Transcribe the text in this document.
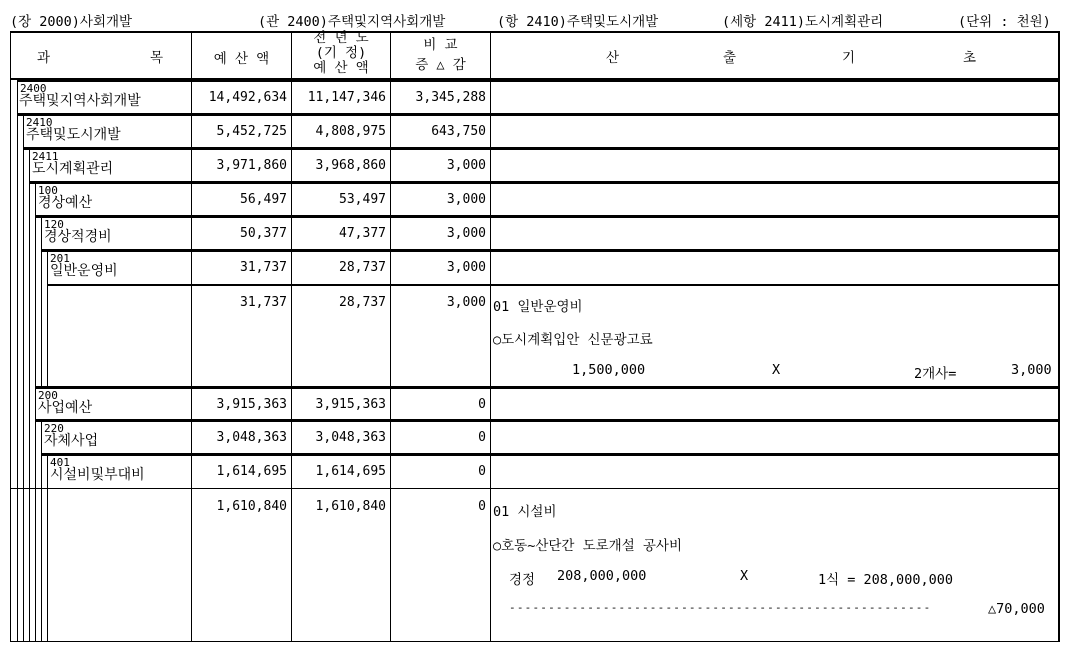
(장 2000)사회개발	(관 2400)주택및지역사회개발	(항 2410)주택및도시개발	(세항 2411)도시계획관리	(단위 : 천원)
과	목	예 산 액
전 년 도
(기 정)
예 산 액
비 교
증 △ 감	산	출	기	초
2400
주택및지역사회개발	14,492,634	11,147,346	3,345,288
2410
주택및도시개발	5,452,725	4,808,975	643,750
2411
도시계획관리	3,971,860	3,968,860	3,000
100
경상예산	56,497	53,497	3,000
120
경상적경비	50,377	47,377	3,000
201
일반운영비	31,737	28,737	3,000
31,737	28,737	3,000 01 일반운영비
○도시계획입안 신문광고료
1,500,000	X	2개사=	3,000
200
사업예산	3,915,363	3,915,363	0
220
자체사업	3,048,363	3,048,363	0
401
시설비및부대비	1,614,695	1,614,695	0
1,610,840	1,610,840	0 01 시설비
○호동~산단간 도로개설 공사비
경정 208,000,000	X	1식 = 208,000,000
------------------------------------------------------	△70,000
